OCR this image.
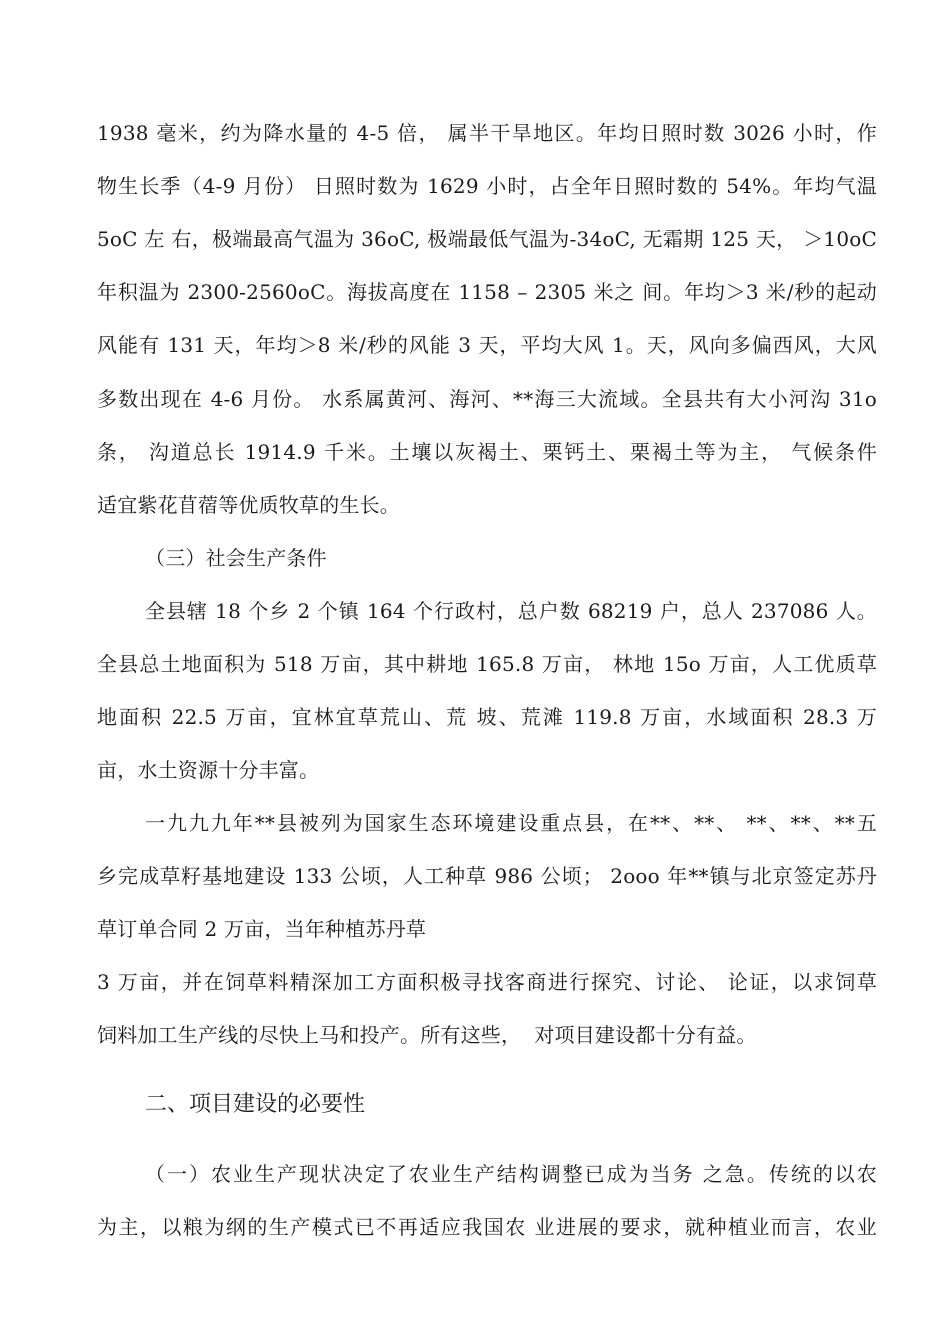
1938 毫米，约为降水量的 4-5 倍， 属半干旱地区。年均日照时数 3026 小时，作
物生长季（4-9 月份） 日照时数为 1629 小时，占全年日照时数的 54%。年均气温
5oC 左 右，极端最高气温为 36oC, 极端最低气温为-34oC, 无霜期 125 天， ＞10oC
年积温为 2300-2560oC。海拔高度在 1158 – 2305 米之 间。年均＞3 米/秒的起动
风能有 131 天，年均＞8 米/秒的风能 3 天，平均大风 1。天，风向多偏西风，大风
多数出现在 4-6 月份。 水系属黄河、海河、**海三大流域。全县共有大小河沟 31o
条， 沟道总长 1914.9 千米。土壤以灰褐土、栗钙土、栗褐土等为主， 气候条件
适宜紫花苜蓿等优质牧草的生长。
（三）社会生产条件
全县辖 18 个乡 2 个镇 164 个行政村，总户数 68219 户，总人 237086 人。
全县总土地面积为 518 万亩，其中耕地 165.8 万亩， 林地 15o 万亩，人工优质草
地面积 22.5 万亩，宜林宜草荒山、荒 坡、荒滩 119.8 万亩，水域面积 28.3 万
亩，水土资源十分丰富。
一九九九年**县被列为国家生态环境建设重点县，在**、**、 **、**、**五
乡完成草籽基地建设 133 公顷，人工种草 986 公顷； 2ooo 年**镇与北京签定苏丹
草订单合同 2 万亩，当年种植苏丹草
3 万亩，并在饲草料精深加工方面积极寻找客商进行探究、讨论、 论证，以求饲草
饲料加工生产线的尽快上马和投产。所有这些，  对项目建设都十分有益。
二、项目建设的必要性
（一）农业生产现状决定了农业生产结构调整已成为当务 之急。传统的以农
为主，以粮为纲的生产模式已不再适应我国农 业进展的要求，就种植业而言，农业
